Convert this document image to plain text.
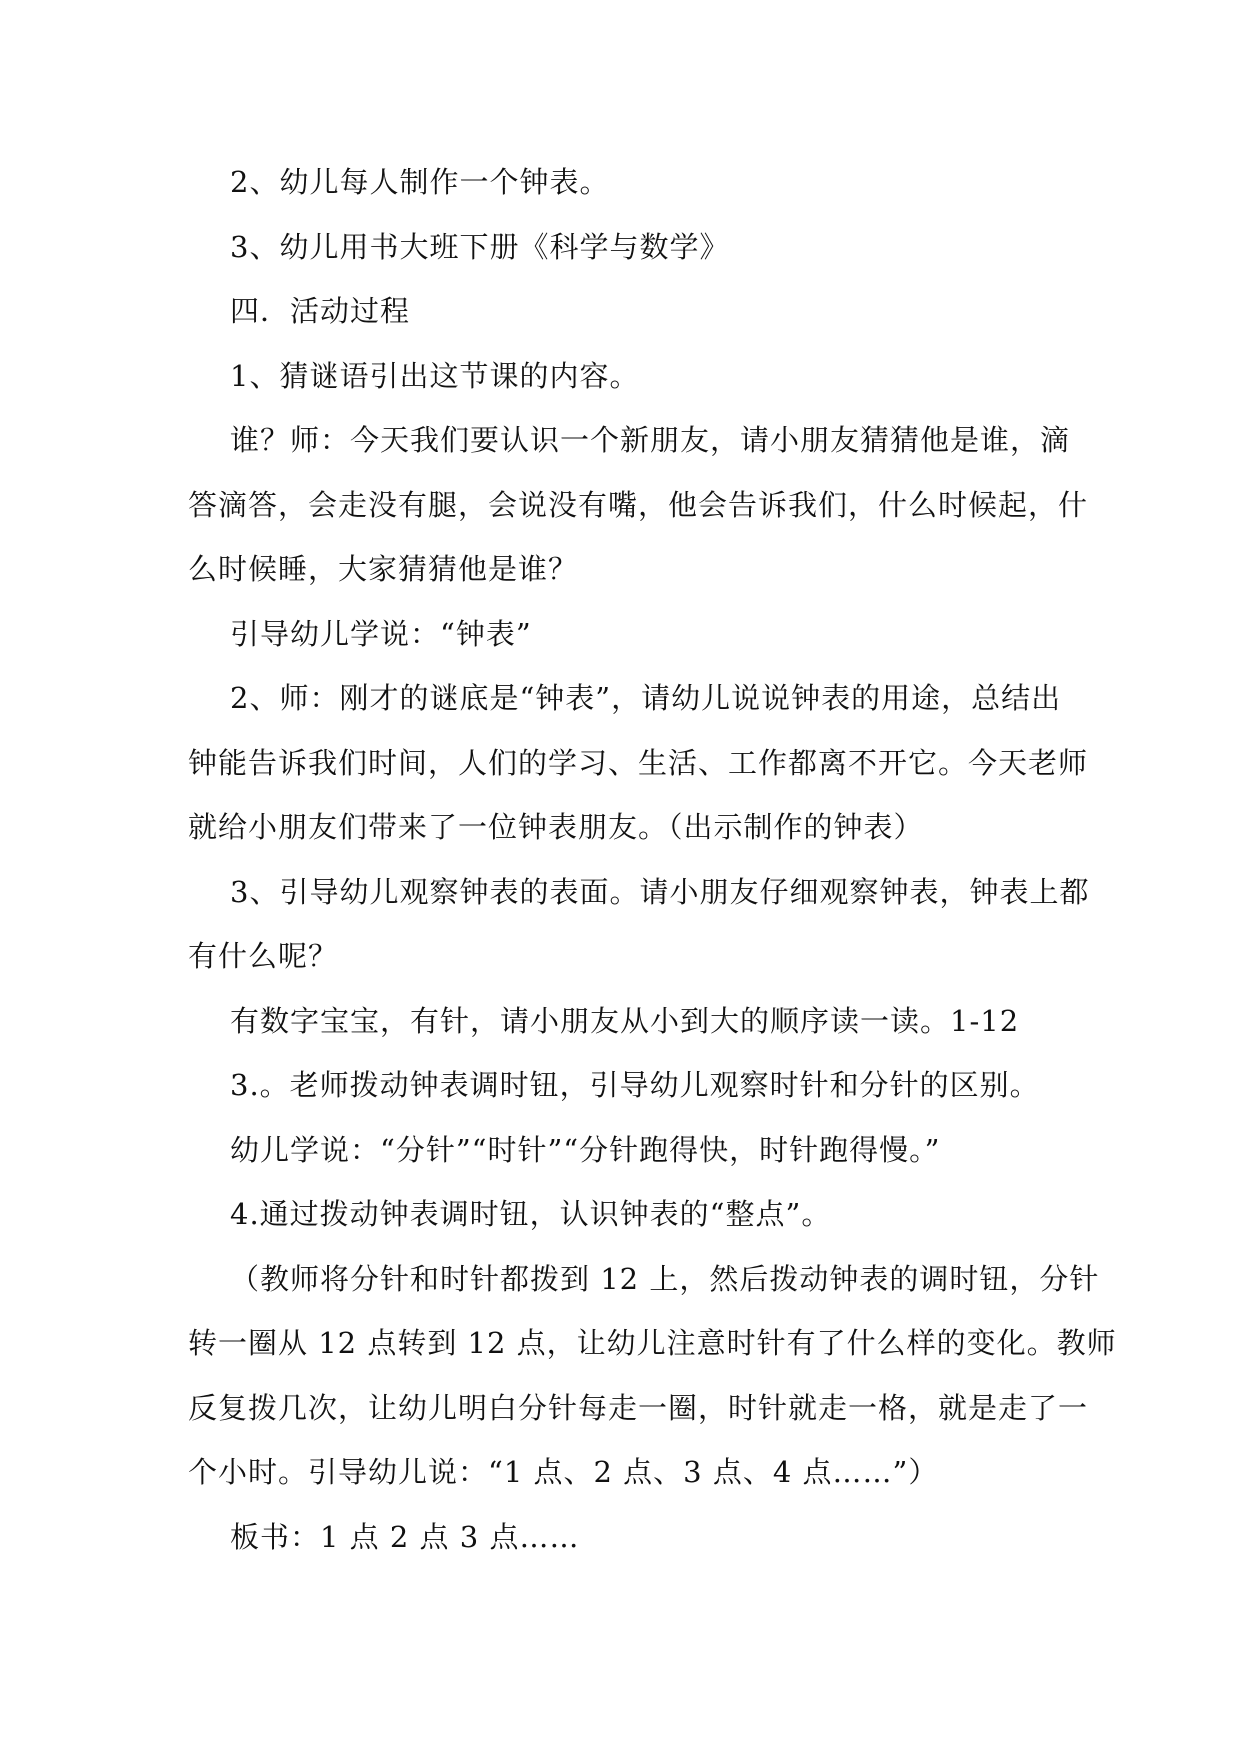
2、幼儿每人制作一个钟表。

3、幼儿用书大班下册《科学与数学》

四．活动过程

1、猜谜语引出这节课的内容。

谁？师：今天我们要认识一个新朋友，请小朋友猜猜他是谁，滴
答滴答，会走没有腿，会说没有嘴，他会告诉我们，什么时候起，什
么时候睡，大家猜猜他是谁？

引导幼儿学说：“钟表”

2、师：刚才的谜底是“钟表”，请幼儿说说钟表的用途，总结出
钟能告诉我们时间，人们的学习、生活、工作都离不开它。今天老师
就给小朋友们带来了一位钟表朋友。（出示制作的钟表）

3、引导幼儿观察钟表的表面。请小朋友仔细观察钟表，钟表上都
有什么呢？

有数字宝宝，有针，请小朋友从小到大的顺序读一读。1-12

3.。老师拨动钟表调时钮，引导幼儿观察时针和分针的区别。

幼儿学说：“分针”“时针”“分针跑得快，时针跑得慢。”

4.通过拨动钟表调时钮，认识钟表的“整点”。

（教师将分针和时针都拨到 12 上，然后拨动钟表的调时钮，分针
转一圈从 12 点转到 12 点，让幼儿注意时针有了什么样的变化。教师
反复拨几次，让幼儿明白分针每走一圈，时针就走一格，就是走了一
个小时。引导幼儿说：“1 点、2 点、3 点、4 点……”）

板书：1 点 2 点 3 点……
